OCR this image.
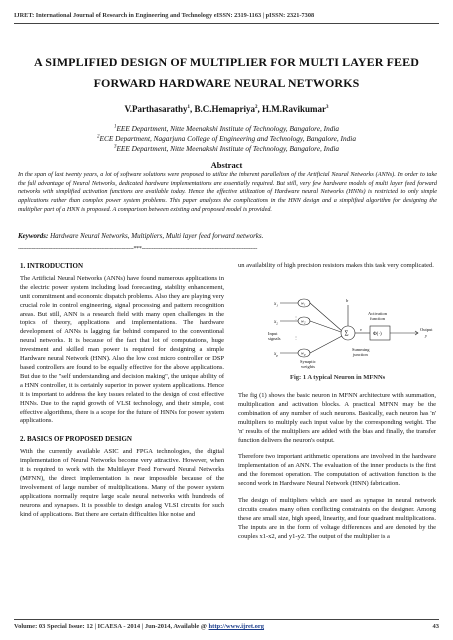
IJRET: International Journal of Research in Engineering and Technology eISSN: 2319-1163 | pISSN: 2321-7308
A SIMPLIFIED DESIGN OF MULTIPLIER FOR MULTI LAYER FEED
FORWARD HARDWARE NEURAL NETWORKS
V.Parthasarathy$^1$, B.C.Hemapriya$^2$, H.M.Ravikumar$^3$
$^1$EEE Department, Nitte Meenakshi Institute of Technology, Bangalore, India
$^2$ECE Department, Nagarjuna College of Engineering and Technology, Bangalore, India
$^3$EEE Department, Nitte Meenakshi Institute of Technology, Bangalore, India
Abstract
In the span of last twenty years, a lot of software solutions were proposed to utilize the inherent parallelism of the Artificial Neural Networks (ANNs). In order to take the full advantage of Neural Networks, dedicated hardware implementations are essentially required. But still, very few hardware models of multi layer feed forward networks with simplified activation functions are available today. Hence the effective utilization of Hardware neural Networks (HNNs) is restricted to only simple applications rather than complex power system problems. This paper analyzes the complications in the HNN design and a simplified algorithm for designing the multiplier part of a HNN is proposed. A comparison between existing and proposed model is provided.
Keywords: Hardware Neural Networks, Multipliers, Multi layer feed forward networks.
--------------------------------------------------------------------***--------------------------------------------------------------------
1. INTRODUCTION
The Artificial Neural Networks (ANNs) have found numerous applications in the electric power system including load forecasting, stability enhancement, unit commitment and economic dispatch problems. Also they are playing very crucial role in control engineering, signal processing and pattern recognition areas. But still, ANN is a research field with many open challenges in the topics of theory, applications and implementations. The hardware development of ANNs is lagging far behind compared to the conventional neural networks. It is because of the fact that lot of computations, huge investment and skilled man power is required for designing a simple Hardware neural Network (HNN). Also the low cost micro controller or DSP based controllers are found to be equally effective for the above applications. But due to the "self understanding and decision making", the unique ability of a HNN controller, it is certainly superior in power system applications. Hence it is important to address the key issues related to the design of cost effective HNNs. Due to the rapid growth of VLSI technology, and their simple, cost effective algorithms, there is a scope for the future of HNNs for power system applications.
2. BASICS OF PROPOSED DESIGN
With the currently available ASIC and FPGA technologies, the digital implementation of Neural Networks become very attractive. However, when it is required to work with the Multilayer Feed Forward Neural Networks (MFNN), the direct implementation is near impossible because of the involvement of large number of multiplications. Many of the power system applications normally require large scale neural networks with hundreds of neurons and synapses. It is possible to design analog VLSI circuits for such kind of applications. But there are certain difficulties like noise and
un availability of high precision resistors makes this task very complicated.
$x_1$
$x_2$
$x_p$
⋮
⋮
Input
signals
$w_1$
$w_2$
$w_p$
Σ	v
Φ(·)
Activation
function
Output
y
b
Summing
junction
Synaptic
weights
Fig: 1 A typical Neuron in MFNNs
The fig (1) shows the basic neuron in MFNN architecture with summation, multiplication and activation blocks. A practical MFNN may be the combination of any number of such neurons. Basically, each neuron has 'n' multipliers to multiply each input value by the corresponding weight. The 'n' results of the multipliers are added with the bias and finally, the transfer function delivers the neuron's output.
Therefore two important arithmetic operations are involved in the hardware implementation of an ANN. The evaluation of the inner products is the first and the foremost operation. The computation of activation function is the second work in Hardware Neural Network (HNN) fabrication.
The design of multipliers which are used as synapse in neural network circuits creates many often conflicting constraints on the designer. Among these are small size, high speed, linearity, and four quadrant multiplications. The inputs are in the form of voltage differences and are denoted by the couples x1-x2, and y1-y2. The output of the multiplier is a
Volume: 03 Special Issue: 12 | ICAESA - 2014 | Jun-2014, Available @ http://www.ijret.org	43
